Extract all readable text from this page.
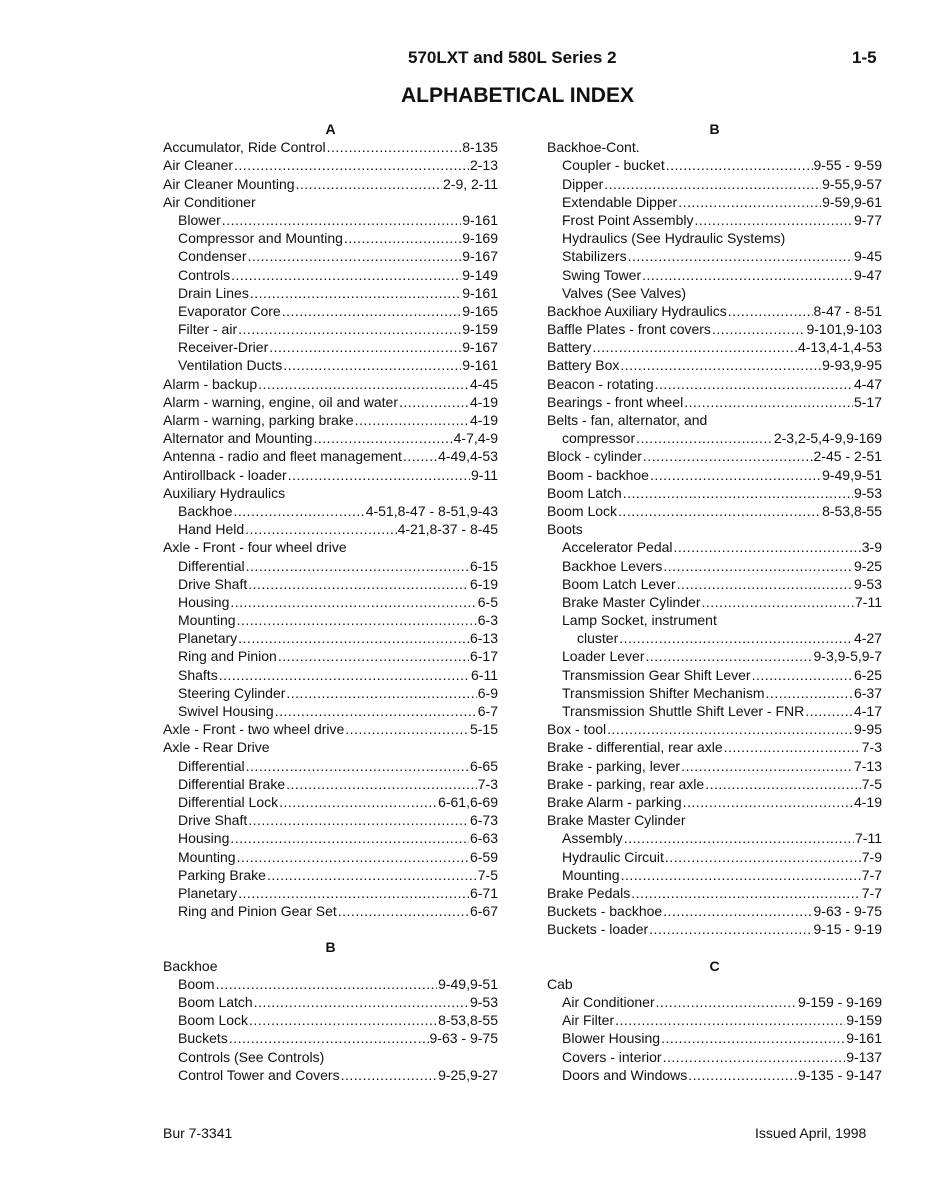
570LXT and 580L Series 2	1-5
ALPHABETICAL INDEX
A
Accumulator, Ride Control .....	8-135
Air Cleaner .....	2-13
Air Cleaner Mounting .....	2-9, 2-11
Air Conditioner
Blower .....	9-161
Compressor and Mounting .....	9-169
Condenser .....	9-167
Controls .....	9-149
Drain Lines .....	9-161
Evaporator Core .....	9-165
Filter - air .....	9-159
Receiver-Drier .....	9-167
Ventilation Ducts .....	9-161
Alarm - backup .....	4-45
Alarm - warning, engine, oil and water .....	4-19
Alarm - warning, parking brake .....	4-19
Alternator and Mounting .....	4-7,4-9
Antenna - radio and fleet management .....	4-49,4-53
Antirollback - loader .....	9-11
Auxiliary Hydraulics
Backhoe .....	4-51,8-47 - 8-51,9-43
Hand Held .....	4-21,8-37 - 8-45
Axle - Front - four wheel drive
Differential .....	6-15
Drive Shaft .....	6-19
Housing .....	6-5
Mounting .....	6-3
Planetary .....	6-13
Ring and Pinion .....	6-17
Shafts .....	6-11
Steering Cylinder .....	6-9
Swivel Housing .....	6-7
Axle - Front - two wheel drive .....	5-15
Axle - Rear Drive
Differential .....	6-65
Differential Brake .....	7-3
Differential Lock .....	6-61,6-69
Drive Shaft .....	6-73
Housing .....	6-63
Mounting .....	6-59
Parking Brake .....	7-5
Planetary .....	6-71
Ring and Pinion Gear Set .....	6-67
B
Backhoe
Boom .....	9-49,9-51
Boom Latch .....	9-53
Boom Lock .....	8-53,8-55
Buckets .....	9-63 - 9-75
Controls (See Controls)
Control Tower and Covers .....	9-25,9-27
B
Backhoe-Cont.
Coupler - bucket .....	9-55 - 9-59
Dipper .....	9-55,9-57
Extendable Dipper .....	9-59,9-61
Frost Point Assembly .....	9-77
Hydraulics (See Hydraulic Systems)
Stabilizers .....	9-45
Swing Tower .....	9-47
Valves (See Valves)
Backhoe Auxiliary Hydraulics .....	8-47 - 8-51
Baffle Plates - front covers .....	9-101,9-103
Battery .....	4-13,4-1,4-53
Battery Box .....	9-93,9-95
Beacon - rotating .....	4-47
Bearings - front wheel .....	5-17
Belts - fan, alternator, and
compressor .....	2-3,2-5,4-9,9-169
Block - cylinder .....	2-45 - 2-51
Boom - backhoe .....	9-49,9-51
Boom Latch .....	9-53
Boom Lock .....	8-53,8-55
Boots
Accelerator Pedal .....	3-9
Backhoe Levers .....	9-25
Boom Latch Lever .....	9-53
Brake Master Cylinder .....	7-11
Lamp Socket, instrument
cluster .....	4-27
Loader Lever .....	9-3,9-5,9-7
Transmission Gear Shift Lever .....	6-25
Transmission Shifter Mechanism .....	6-37
Transmission Shuttle Shift Lever - FNR .....	4-17
Box - tool .....	9-95
Brake - differential, rear axle .....	7-3
Brake - parking, lever .....	7-13
Brake - parking, rear axle .....	7-5
Brake Alarm - parking .....	4-19
Brake Master Cylinder
Assembly .....	7-11
Hydraulic Circuit .....	7-9
Mounting .....	7-7
Brake Pedals .....	7-7
Buckets - backhoe .....	9-63 - 9-75
Buckets - loader .....	9-15 - 9-19
C
Cab
Air Conditioner .....	9-159 - 9-169
Air Filter .....	9-159
Blower Housing .....	9-161
Covers - interior .....	9-137
Doors and Windows .....	9-135 - 9-147
Bur 7-3341	Issued April, 1998
